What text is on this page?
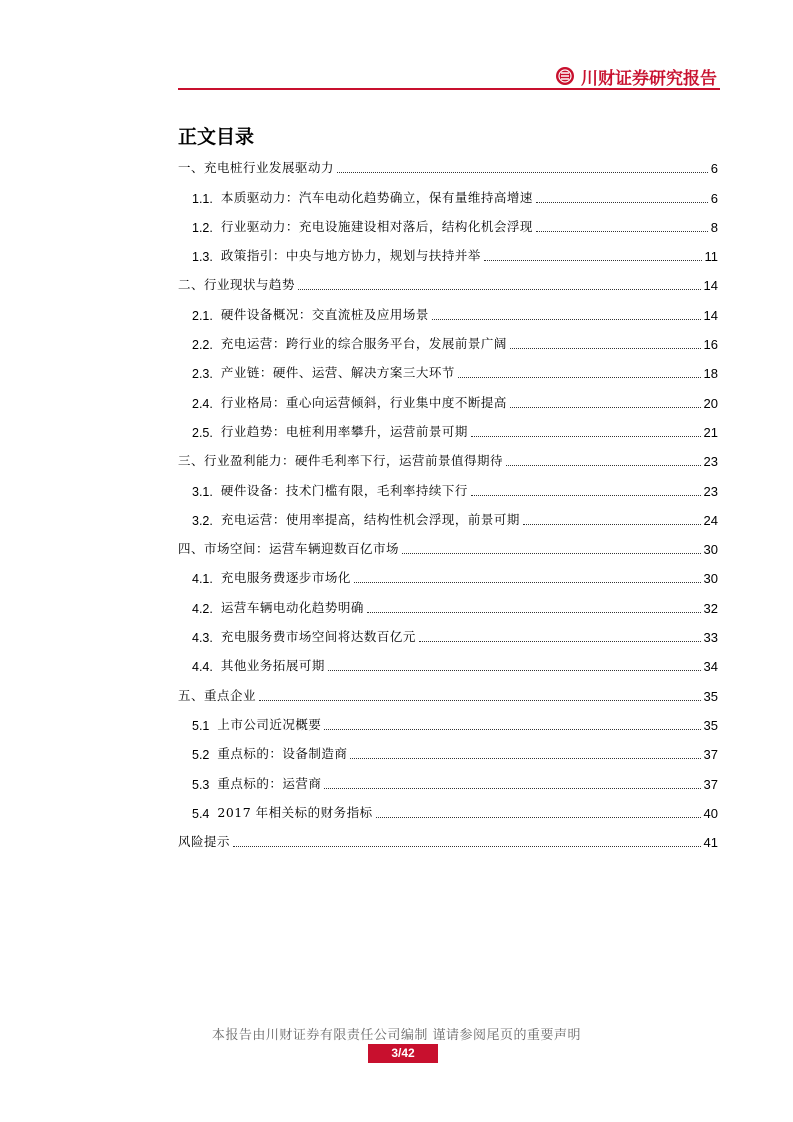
川财证券研究报告
正文目录
一、充电桩行业发展驱动力	6
1.1. 本质驱动力：汽车电动化趋势确立，保有量维持高增速	6
1.2. 行业驱动力：充电设施建设相对落后，结构化机会浮现	8
1.3. 政策指引：中央与地方协力，规划与扶持并举	11
二、行业现状与趋势	14
2.1. 硬件设备概况：交直流桩及应用场景	14
2.2. 充电运营：跨行业的综合服务平台，发展前景广阔	16
2.3. 产业链：硬件、运营、解决方案三大环节	18
2.4. 行业格局：重心向运营倾斜，行业集中度不断提高	20
2.5. 行业趋势：电桩利用率攀升，运营前景可期	21
三、行业盈利能力：硬件毛利率下行，运营前景值得期待	23
3.1. 硬件设备：技术门槛有限，毛利率持续下行	23
3.2. 充电运营：使用率提高，结构性机会浮现，前景可期	24
四、市场空间：运营车辆迎数百亿市场	30
4.1. 充电服务费逐步市场化	30
4.2. 运营车辆电动化趋势明确	32
4.3. 充电服务费市场空间将达数百亿元	33
4.4. 其他业务拓展可期	34
五、重点企业	35
5.1 上市公司近况概要	35
5.2 重点标的：设备制造商	37
5.3 重点标的：运营商	37
5.4 2017 年相关标的财务指标	40
风险提示	41
本报告由川财证券有限责任公司编制 谨请参阅尾页的重要声明
3/42
